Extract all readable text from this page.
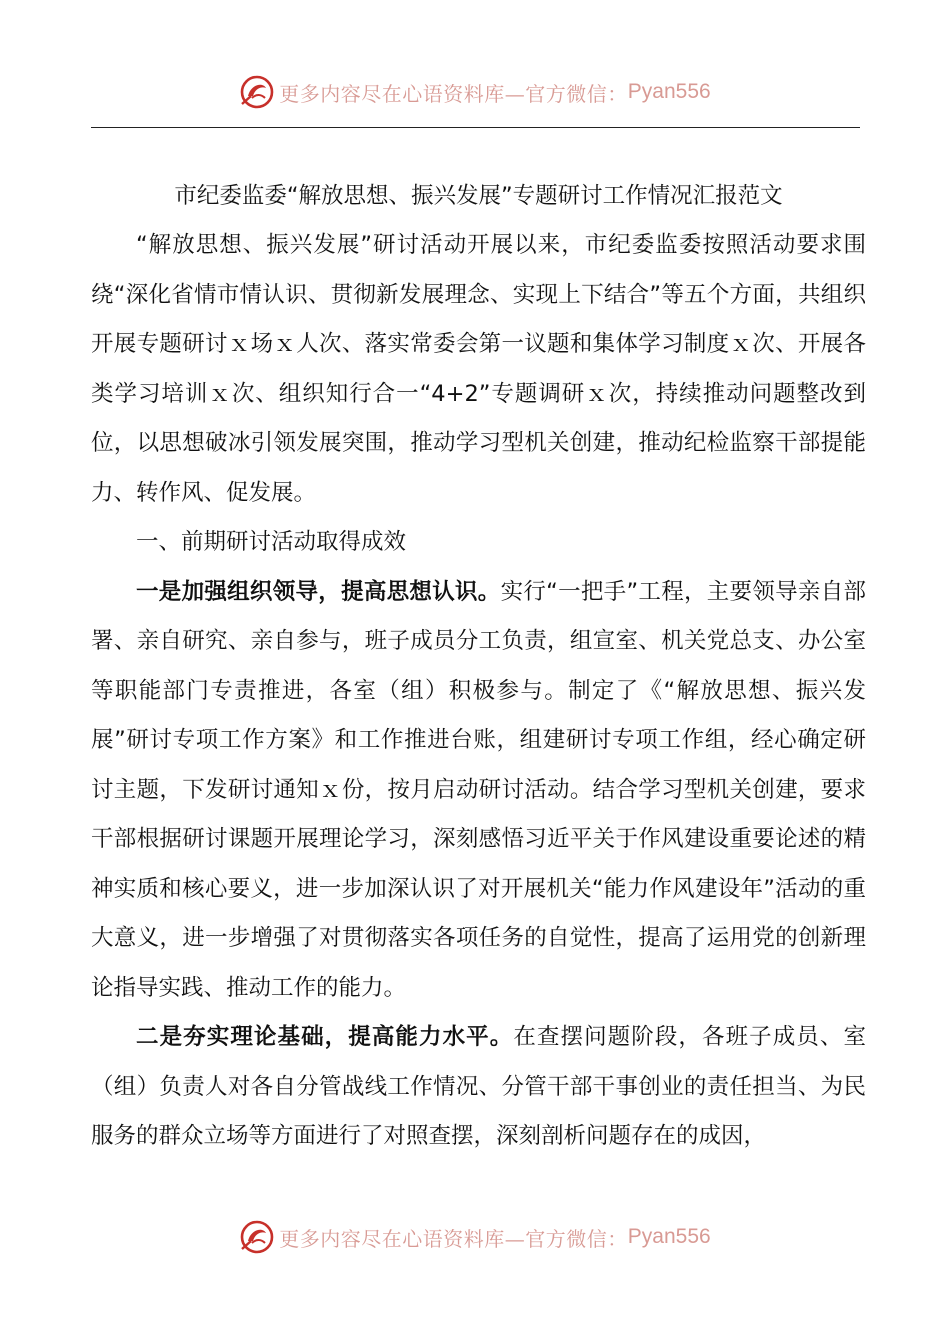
更多内容尽在心语资料库—官方微信： Pyan556
市纪委监委“解放思想、振兴发展”专题研讨工作情况汇报范文

“解放思想、振兴发展”研讨活动开展以来，市纪委监委按照活动要求围绕“深化省情市情认识、贯彻新发展理念、实现上下结合”等五个方面，共组织开展专题研讨ｘ场ｘ人次、落实常委会第一议题和集体学习制度ｘ次、开展各类学习培训ｘ次、组织知行合一“4+2”专题调研ｘ次，持续推动问题整改到位，以思想破冰引领发展突围，推动学习型机关创建，推动纪检监察干部提能力、转作风、促发展。

一、前期研讨活动取得成效

一是加强组织领导，提高思想认识。实行“一把手”工程，主要领导亲自部署、亲自研究、亲自参与，班子成员分工负责，组宣室、机关党总支、办公室等职能部门专责推进，各室（组）积极参与。制定了《“解放思想、振兴发展”研讨专项工作方案》和工作推进台账，组建研讨专项工作组，经心确定研讨主题，下发研讨通知ｘ份，按月启动研讨活动。结合学习型机关创建，要求干部根据研讨课题开展理论学习，深刻感悟习近平关于作风建设重要论述的精神实质和核心要义，进一步加深认识了对开展机关“能力作风建设年”活动的重大意义，进一步增强了对贯彻落实各项任务的自觉性，提高了运用党的创新理论指导实践、推动工作的能力。

二是夯实理论基础，提高能力水平。在查摆问题阶段，各班子成员、室（组）负责人对各自分管战线工作情况、分管干部干事创业的责任担当、为民服务的群众立场等方面进行了对照查摆，深刻剖析问题存在的成因，

更多内容尽在心语资料库—官方微信： Pyan556
